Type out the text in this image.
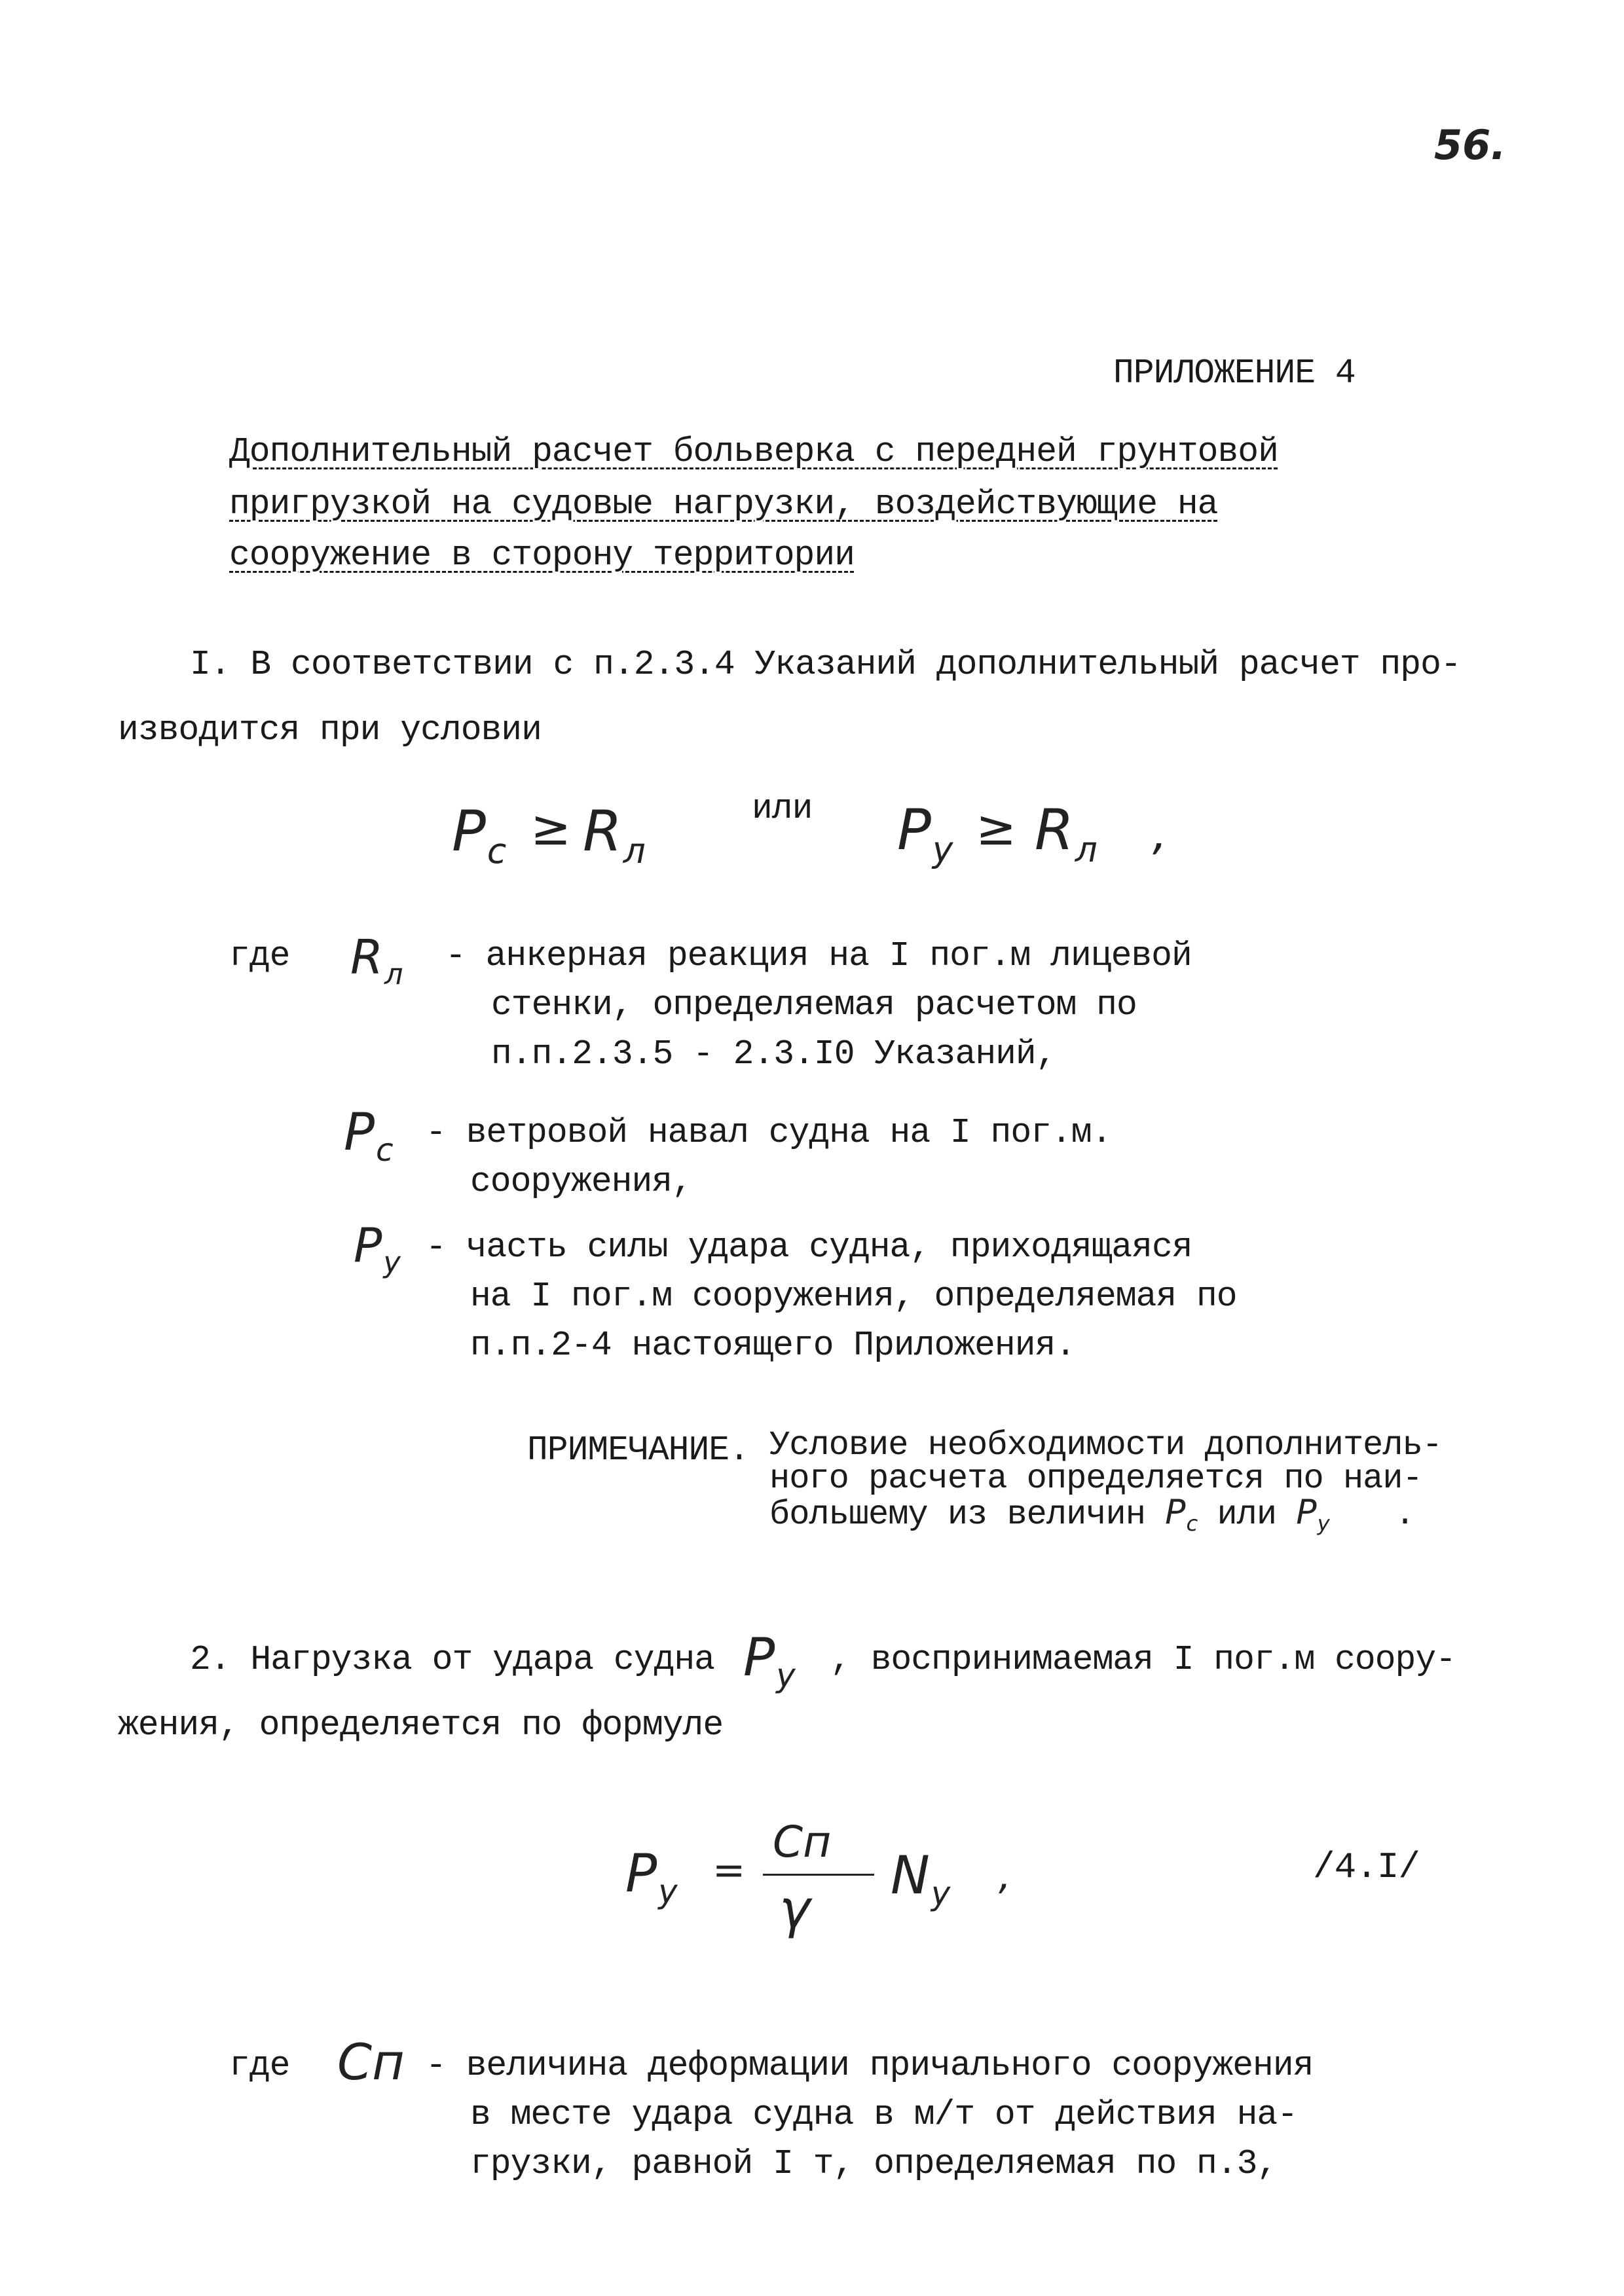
56.
ПРИЛОЖЕНИЕ 4
Дополнительный расчет больверка с передней грунтовой
пригрузкой на судовые нагрузки, воздействующие на
сооружение в сторону территории
I. В соответствии с п.2.3.4 Указаний дополнительный расчет про-
изводится при условии
$P_c \ge R_л$
или $P_у \ge R_л$ ,
где $R_л$ - анкерная реакция на I пог.м лицевой
стенки, определяемая расчетом по
п.п.2.3.5 - 2.3.I0 Указаний,
$P_c$ - ветровой навал судна на I пог.м.
сооружения,
$P_у$ - часть силы удара судна, приходящаяся
на I пог.м сооружения, определяемая по
п.п.2-4 настоящего Приложения.
ПРИМЕЧАНИЕ. Условие необходимости дополнитель-
ного расчета определяется по наи-
большему из величин $P_c$ или $P_у$ .
2. Нагрузка от удара судна $P_у$ , воспринимаемая I пог.м соору-
жения, определяется по формуле
$P_у$ =
Cп
γ
$N_у$ ,	/4.I/
где Cп - величина деформации причального сооружения
в месте удара судна в м/т от действия на-
грузки, равной I т, определяемая по п.3,
